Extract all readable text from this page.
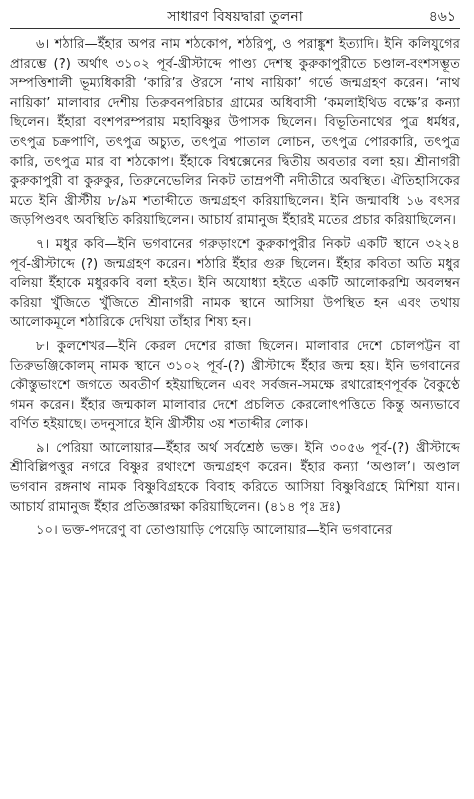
সাধারণ বিষয়দ্বারা তুলনা	৪৬১

৬। শঠারি—ইঁহার অপর নাম শঠকোপ, শঠরিপু, ও পরাঙ্কুশ ইত্যাদি। ইনি কলিযুগের প্রারম্ভে (?) অর্থাৎ ৩১০২ পূর্ব-খ্রীস্টাব্দে পাণ্ড্য দেশস্থ কুরুকাপুরীতে চণ্ডাল-বংশসম্ভূত সম্পত্তিশালী ভূম্যধিকারী ‘কারি’র ঔরসে ‘নাথ নায়িকা’ গর্ভে জন্মগ্রহণ করেন। ‘নাথ নায়িকা’ মালাবার দেশীয় তিরুবনপরিচার গ্রামের অধিবাসী ‘কমলাইথিড বক্ষে’র কন্যা ছিলেন। ইঁহারা বংশপরম্পরায় মহাবিষ্ণুর উপাসক ছিলেন। বিভূতিনাথের পুত্র ধর্মধর, তৎপুত্র চক্রপাণি, তৎপুত্র অচ্যুত, তৎপুত্র পাতাল লোচন, তৎপুত্র পোরকারি, তৎপুত্র কারি, তৎপুত্র মার বা শঠকোপ। ইঁহাকে বিশ্বক্সেনের দ্বিতীয় অবতার বলা হয়। শ্রীনাগরী কুরুকাপুরী বা কুরুকুর, তিরুনেভেলির নিকট তাম্রপর্ণী নদীতীরে অবস্থিত। ঐতিহাসিকের মতে ইনি খ্রীস্টীয় ৮/৯ম শতাব্দীতে জন্মগ্রহণ করিয়াছিলেন। ইনি জন্মাবধি ১৬ বৎসর জড়পিণ্ডবৎ অবস্থিতি করিয়াছিলেন। আচার্য রামানুজ ইঁহারই মতের প্রচার করিয়াছিলেন।

৭। মধুর কবি—ইনি ভগবানের গরুড়াংশে কুরুকাপুরীর নিকট একটি স্থানে ৩২২৪ পূর্ব-খ্রীস্টাব্দে (?) জন্মগ্রহণ করেন। শঠারি ইঁহার গুরু ছিলেন। ইঁহার কবিতা অতি মধুর বলিয়া ইঁহাকে মধুরকবি বলা হইত। ইনি অযোধ্যা হইতে একটি আলোকরশ্মি অবলম্বন করিয়া খুঁজিতে খুঁজিতে শ্রীনাগরী নামক স্থানে আসিয়া উপস্থিত হন এবং তথায় আলোকমূলে শঠারিকে দেখিয়া তাঁহার শিষ্য হন।

৮। কুলশেখর—ইনি কেরল দেশের রাজা ছিলেন। মালাবার দেশে চোলপট্টন বা তিরুভঞ্জিকোলম্ নামক স্থানে ৩১০২ পূর্ব-(?) খ্রীস্টাব্দে ইঁহার জন্ম হয়। ইনি ভগবানের কৌস্তুভাংশে জগতে অবতীর্ণ হইয়াছিলেন এবং সর্বজন-সমক্ষে রথারোহণপূর্বক বৈকুণ্ঠে গমন করেন। ইঁহার জন্মকাল মালাবার দেশে প্রচলিত কেরলোৎপত্তিতে কিন্তু অন্যভাবে বর্ণিত হইয়াছে। তদনুসারে ইনি খ্রীস্টীয় ৩য় শতাব্দীর লোক।

৯। পেরিয়া আলোয়ার—ইঁহার অর্থ সর্বশ্রেষ্ঠ ভক্ত। ইনি ৩০৫৬ পূর্ব-(?) খ্রীস্টাব্দে শ্রীবিল্লিপত্তুর নগরে বিষ্ণুর রথাংশে জন্মগ্রহণ করেন। ইঁহার কন্যা ‘অণ্ডাল’। অণ্ডাল ভগবান রঙ্গনাথ নামক বিষ্ণুবিগ্রহকে বিবাহ করিতে আসিয়া বিষ্ণুবিগ্রহে মিশিয়া যান। আচার্য রামানুজ ইঁহার প্রতিজ্ঞারক্ষা করিয়াছিলেন। (৪১৪ পৃঃ দ্রঃ)

১০। ভক্ত-পদরেণু বা তোণ্ডায়াড়ি পেয়েড়ি আলোয়ার—ইনি ভগবানের
